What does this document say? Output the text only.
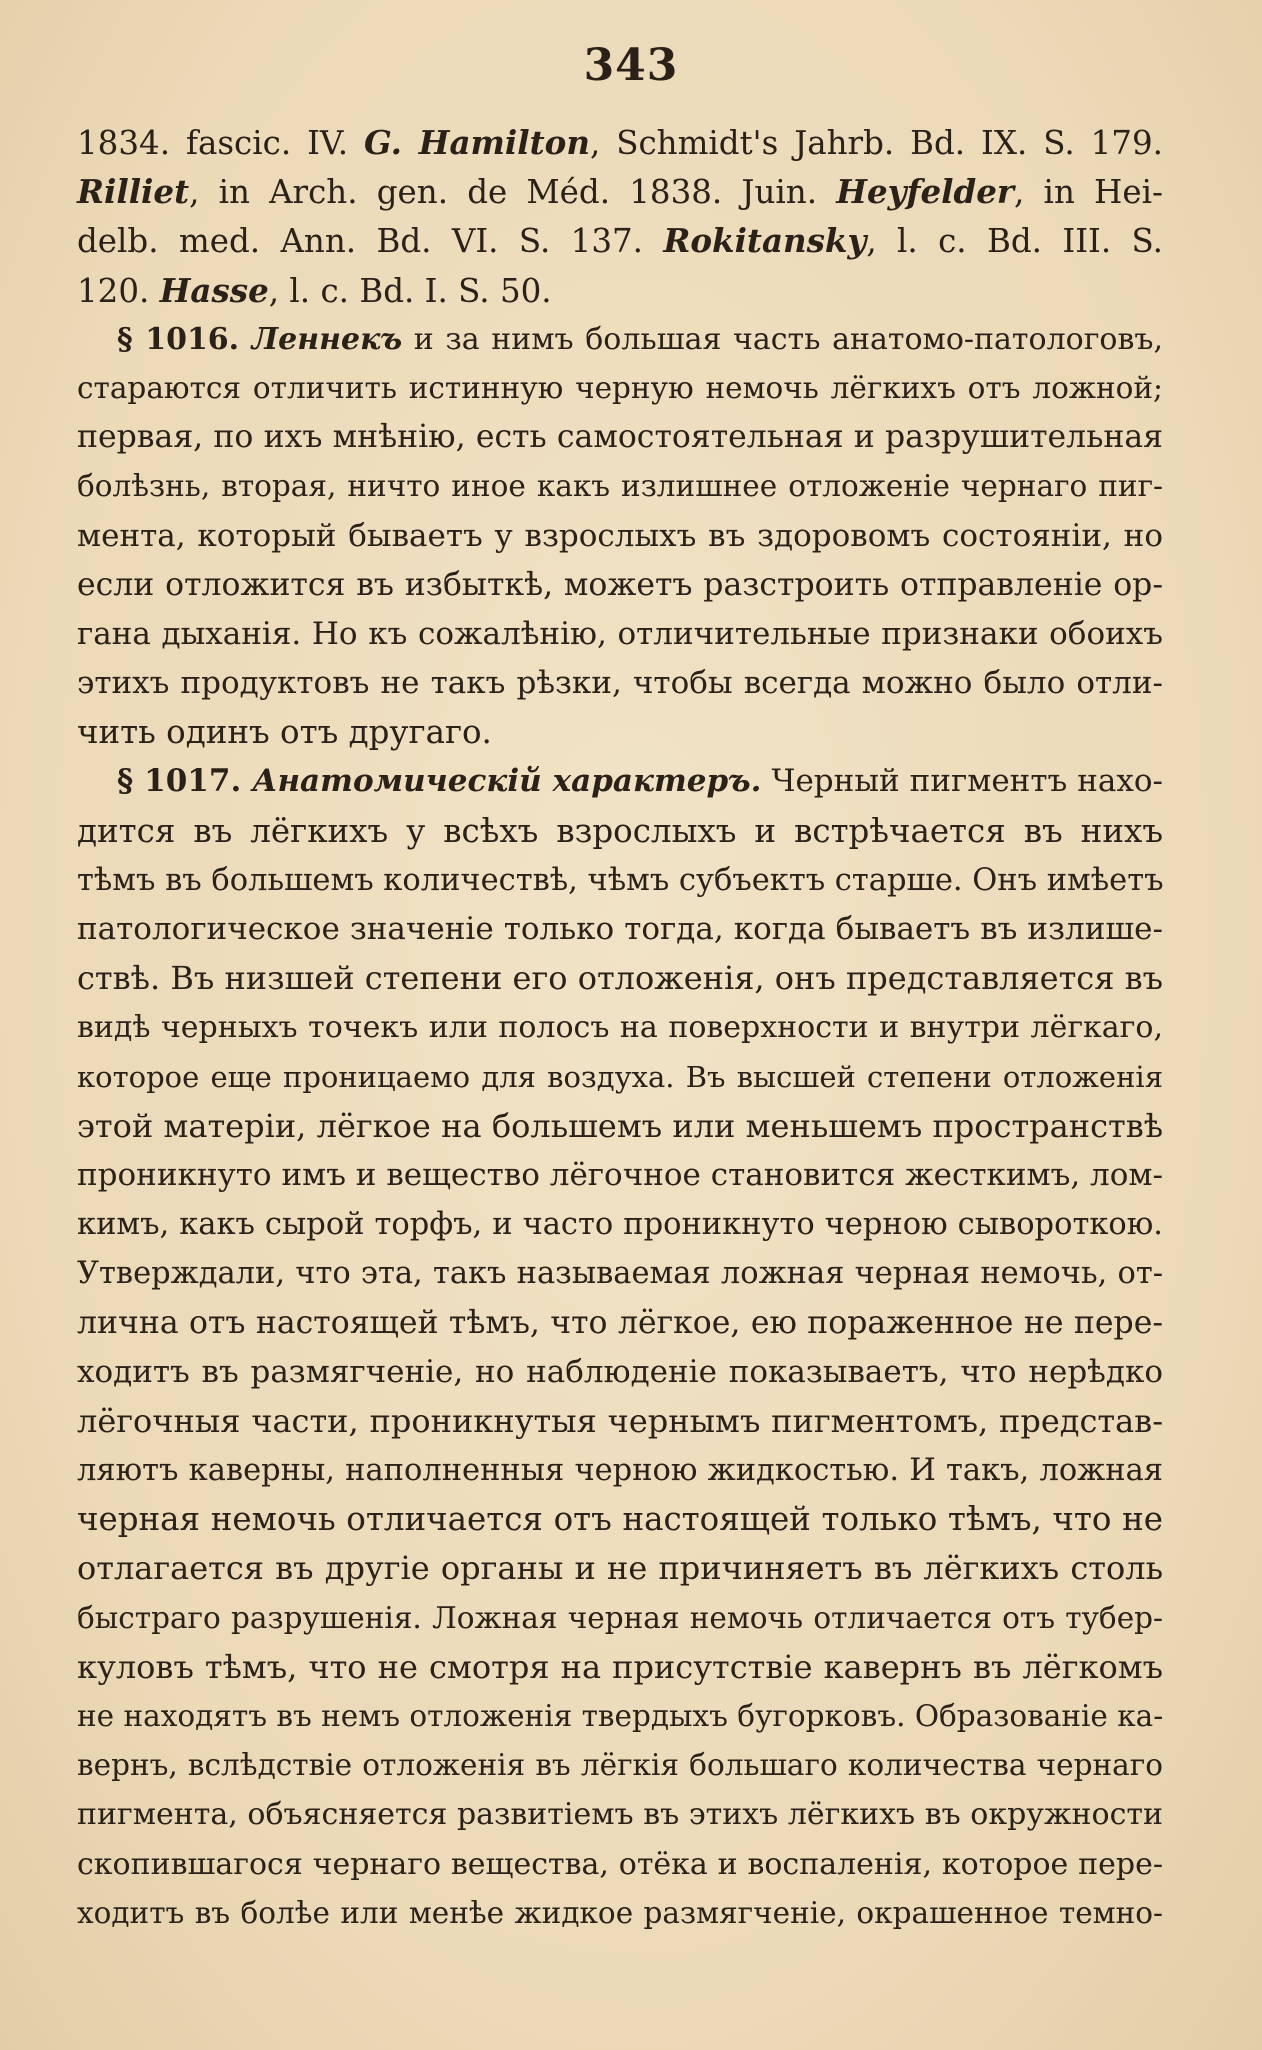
343
1834. fascic. IV. G. Hamilton, Schmidt's Jahrb. Bd. IX. S. 179.
Rilliet, in Arch. gen. de Méd. 1838. Juin. Heyfelder, in Hei-
delb. med. Ann. Bd. VI. S. 137. Rokitansky, l. c. Bd. III. S.
120. Hasse, l. c. Bd. I. S. 50.
§ 1016. Леннекъ и за нимъ большая часть анатомо-патологовъ,
стараются отличить истинную черную немочь лёгкихъ отъ ложной;
первая, по ихъ мнѣнію, есть самостоятельная и разрушительная
болѣзнь, вторая, ничто иное какъ излишнее отложеніе чернаго пиг-
мента, который бываетъ у взрослыхъ въ здоровомъ состояніи, но
если отложится въ избыткѣ, можетъ разстроить отправленіе ор-
гана дыханія. Но къ сожалѣнію, отличительные признаки обоихъ
этихъ продуктовъ не такъ рѣзки, чтобы всегда можно было отли-
чить одинъ отъ другаго.
§ 1017. Анатомическій характеръ. Черный пигментъ нахо-
дится въ лёгкихъ у всѣхъ взрослыхъ и встрѣчается въ нихъ
тѣмъ въ большемъ количествѣ, чѣмъ субъектъ старше. Онъ имѣетъ
патологическое значеніе только тогда, когда бываетъ въ излише-
ствѣ. Въ низшей степени его отложенія, онъ представляется въ
видѣ черныхъ точекъ или полосъ на поверхности и внутри лёгкаго,
которое еще проницаемо для воздуха. Въ высшей степени отложенія
этой матеріи, лёгкое на большемъ или меньшемъ пространствѣ
проникнуто имъ и вещество лёгочное становится жесткимъ, лом-
кимъ, какъ сырой торфъ, и часто проникнуто черною сывороткою.
Утверждали, что эта, такъ называемая ложная черная немочь, от-
лична отъ настоящей тѣмъ, что лёгкое, ею пораженное не пере-
ходитъ въ размягченіе, но наблюденіе показываетъ, что нерѣдко
лёгочныя части, проникнутыя чернымъ пигментомъ, представ-
ляютъ каверны, наполненныя черною жидкостью. И такъ, ложная
черная немочь отличается отъ настоящей только тѣмъ, что не
отлагается въ другіе органы и не причиняетъ въ лёгкихъ столь
быстраго разрушенія. Ложная черная немочь отличается отъ тубер-
куловъ тѣмъ, что не смотря на присутствіе кавернъ въ лёгкомъ
не находятъ въ немъ отложенія твердыхъ бугорковъ. Образованіе ка-
вернъ, вслѣдствіе отложенія въ лёгкія большаго количества чернаго
пигмента, объясняется развитіемъ въ этихъ лёгкихъ въ окружности
скопившагося чернаго вещества, отёка и воспаленія, которое пере-
ходитъ въ болѣе или менѣе жидкое размягченіе, окрашенное темно-
